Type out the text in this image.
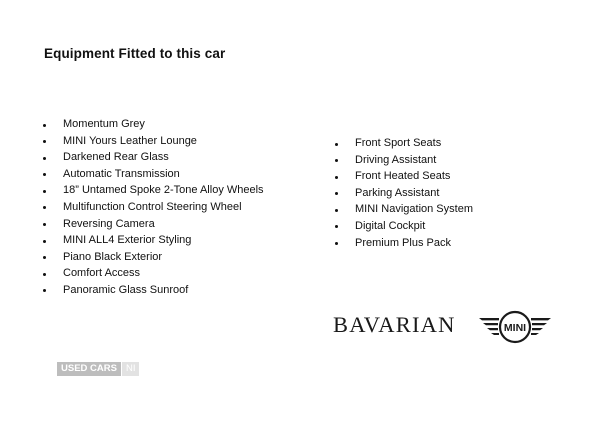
Equipment Fitted to this car
Momentum Grey
MINI Yours Leather Lounge
Darkened Rear Glass
Automatic Transmission
18” Untamed Spoke 2-Tone Alloy Wheels
Multifunction Control Steering Wheel
Reversing Camera
MINI ALL4 Exterior Styling
Piano Black Exterior
Comfort Access
Panoramic Glass Sunroof
Front Sport Seats
Driving Assistant
Front Heated Seats
Parking Assistant
MINI Navigation System
Digital Cockpit
Premium Plus Pack
BAVARIAN	MINI
USED CARS NI
